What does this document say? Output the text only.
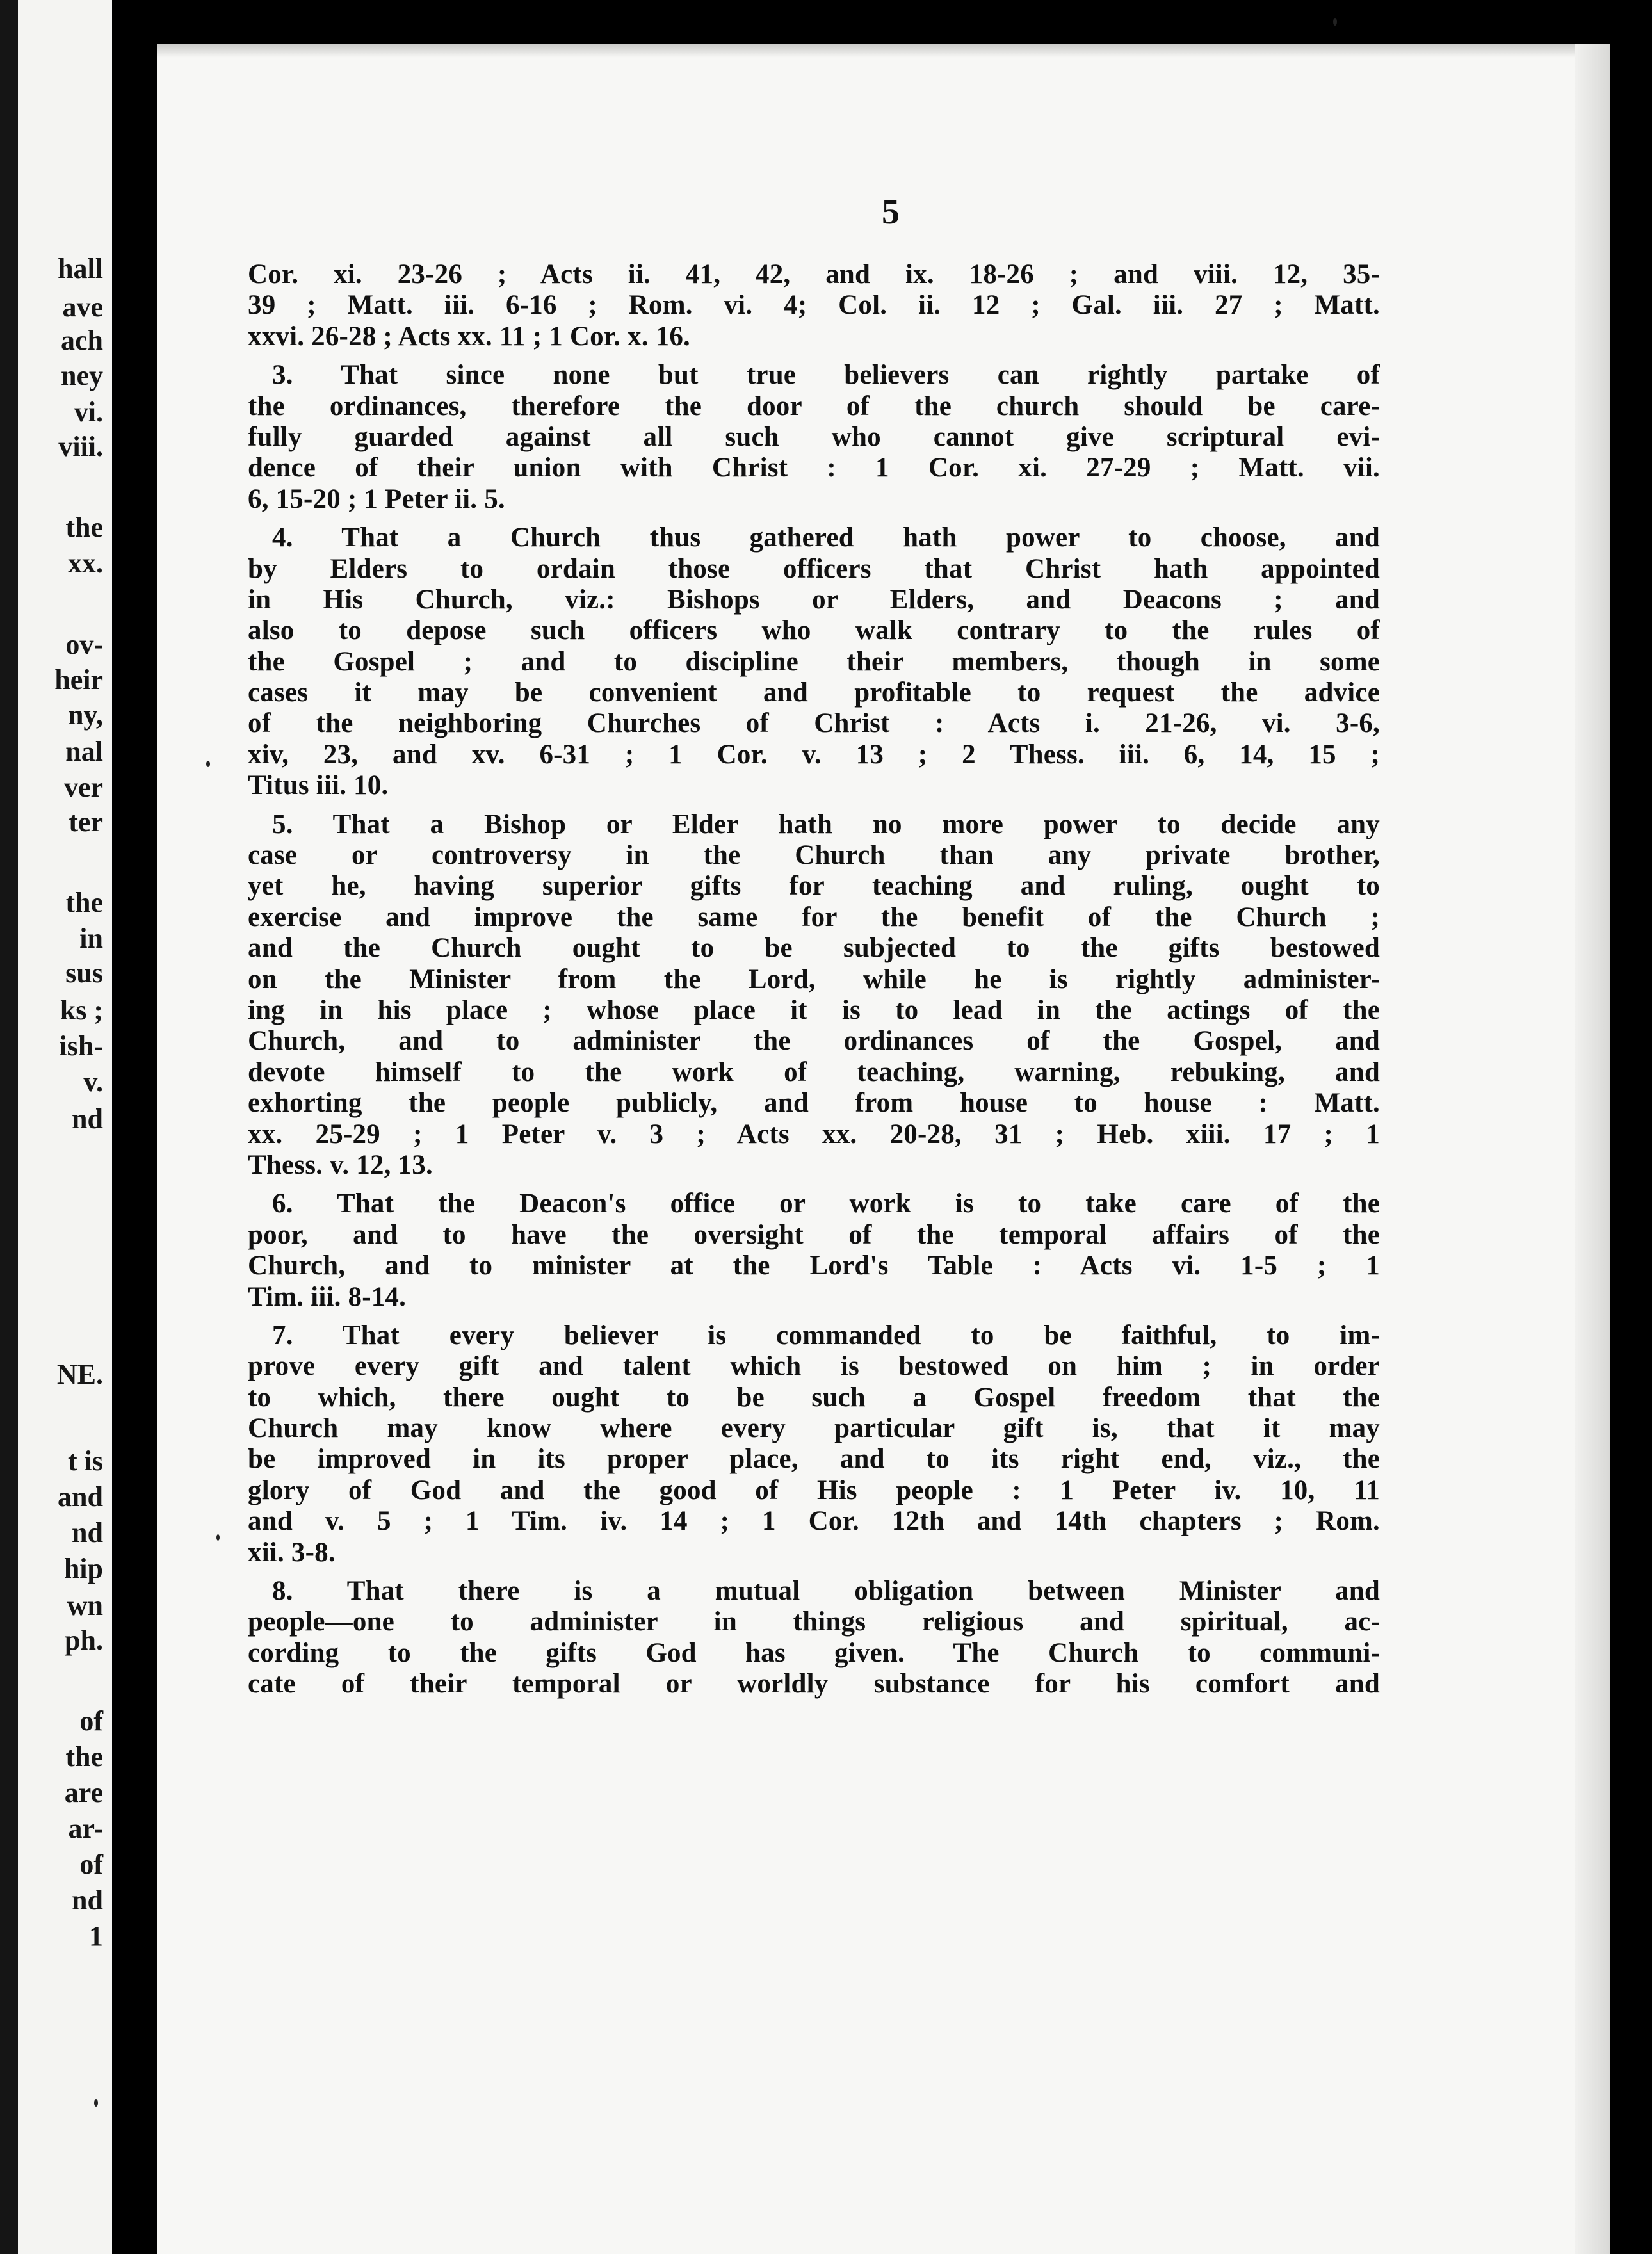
hall

ave

ach

ney

vi.

viii.

the

xx.

ov-

heir

ny,

nal

ver

ter

the

in

sus

ks ;

ish-

v.

nd

NE.

t is

and

nd

hip

wn

ph.

of

the

are

ar-

of

nd

1

5

Cor. xi. 23-26 ; Acts ii. 41, 42, and ix. 18-26 ; and viii. 12, 35-
39 ; Matt. iii. 6-16 ; Rom. vi. 4; Col. ii. 12 ; Gal. iii. 27 ; Matt.
xxvi. 26-28 ; Acts xx. 11 ; 1 Cor. x. 16.
3. That since none but true believers can rightly partake of
the ordinances, therefore the door of the church should be care-
fully guarded against all such who cannot give scriptural evi-
dence of their union with Christ : 1 Cor. xi. 27-29 ; Matt. vii.
6, 15-20 ; 1 Peter ii. 5.
4. That a Church thus gathered hath power to choose, and
by Elders to ordain those officers that Christ hath appointed
in His Church, viz.: Bishops or Elders, and Deacons ; and
also to depose such officers who walk contrary to the rules of
the Gospel ; and to discipline their members, though in some
cases it may be convenient and profitable to request the advice
of the neighboring Churches of Christ : Acts i. 21-26, vi. 3-6,
xiv, 23, and xv. 6-31 ; 1 Cor. v. 13 ; 2 Thess. iii. 6, 14, 15 ;
Titus iii. 10.
5. That a Bishop or Elder hath no more power to decide any
case or controversy in the Church than any private brother,
yet he, having superior gifts for teaching and ruling, ought to
exercise and improve the same for the benefit of the Church ;
and the Church ought to be subjected to the gifts bestowed
on the Minister from the Lord, while he is rightly administer-
ing in his place ; whose place it is to lead in the actings of the
Church, and to administer the ordinances of the Gospel, and
devote himself to the work of teaching, warning, rebuking, and
exhorting the people publicly, and from house to house : Matt.
xx. 25-29 ; 1 Peter v. 3 ; Acts xx. 20-28, 31 ; Heb. xiii. 17 ; 1
Thess. v. 12, 13.
6. That the Deacon's office or work is to take care of the
poor, and to have the oversight of the temporal affairs of the
Church, and to minister at the Lord's Table : Acts vi. 1-5 ; 1
Tim. iii. 8-14.
7. That every believer is commanded to be faithful, to im-
prove every gift and talent which is bestowed on him ; in order
to which, there ought to be such a Gospel freedom that the
Church may know where every particular gift is, that it may
be improved in its proper place, and to its right end, viz., the
glory of God and the good of His people : 1 Peter iv. 10, 11
and v. 5 ; 1 Tim. iv. 14 ; 1 Cor. 12th and 14th chapters ; Rom.
xii. 3-8.
8. That there is a mutual obligation between Minister and
people—one to administer in things religious and spiritual, ac-
cording to the gifts God has given. The Church to communi-
cate of their temporal or worldly substance for his comfort and
